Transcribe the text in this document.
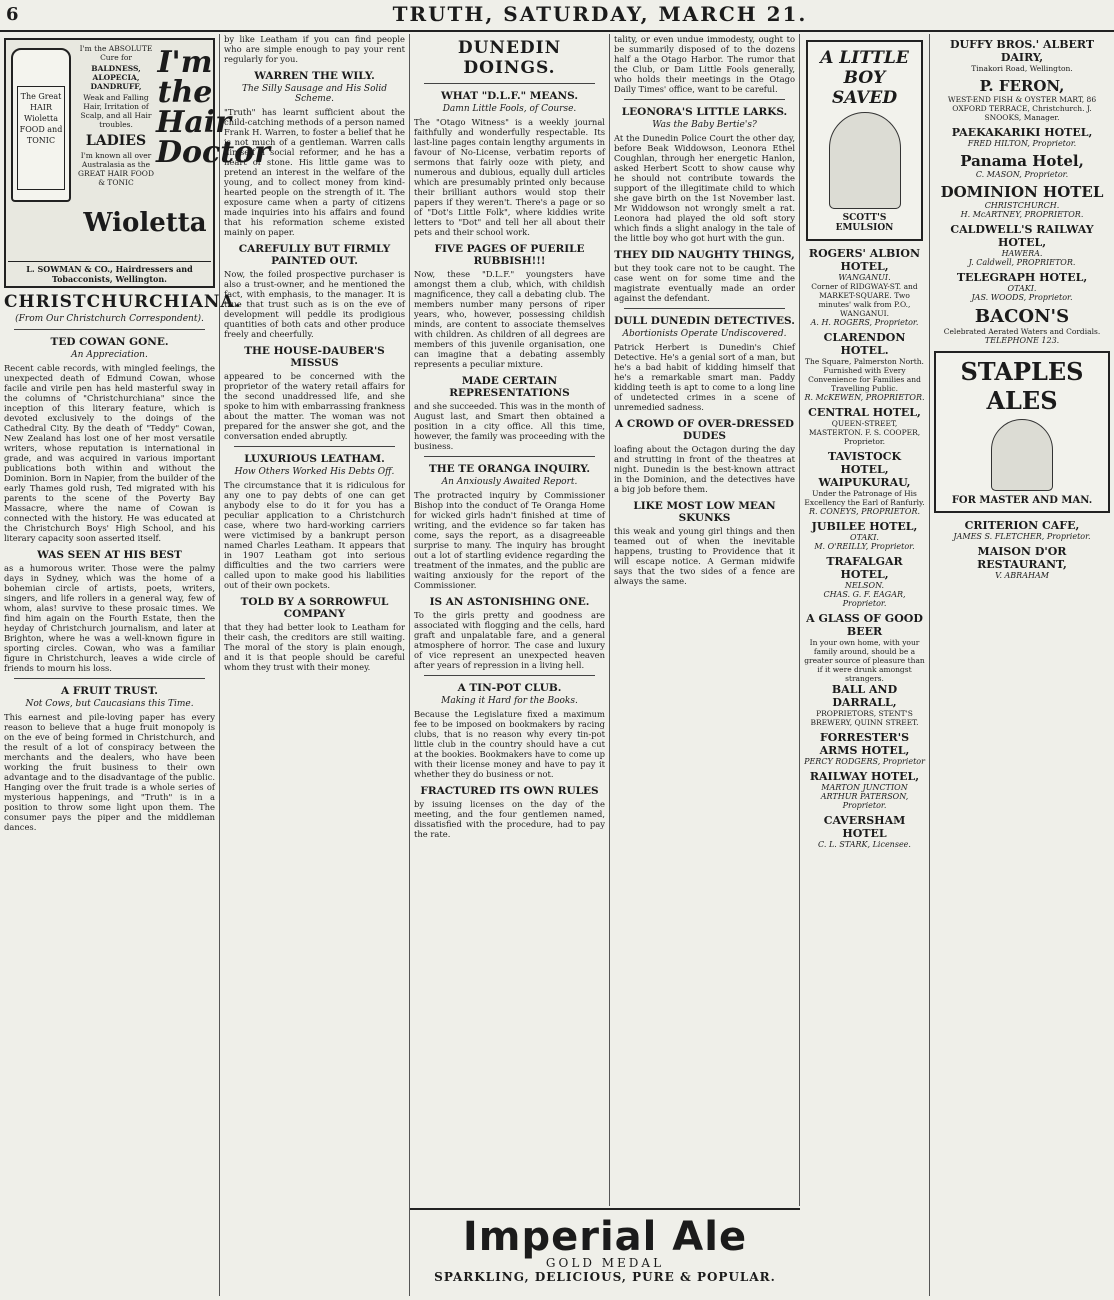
6	TRUTH, SATURDAY, MARCH 21.
The Great HAIR Wioletta FOOD and TONIC
I'm the ABSOLUTE Cure for
BALDNESS, ALOPECIA, DANDRUFF,
Weak and Falling Hair, Irritation of Scalp, and all Hair troubles.
LADIES
I'm known all over Australasia as the GREAT HAIR FOOD & TONIC
I'm the Hair Doctor
Wioletta
L. SOWMAN & CO., Hairdressers and Tobacconists, Wellington.
CHRISTCHURCHIANA.
(From Our Christchurch Correspondent).
TED COWAN GONE.
An Appreciation.

Recent cable records, with mingled feelings, the unexpected death of Edmund Cowan, whose facile and virile pen has held masterful sway in the columns of "Christchurchiana" since the inception of this literary feature, which is devoted exclusively to the doings of the Cathedral City. By the death of "Teddy" Cowan, New Zealand has lost one of her most versatile writers, whose reputation is international in grade, and was acquired in various important publications both within and without the Dominion. Born in Napier, from the builder of the early Thames gold rush, Ted migrated with his parents to the scene of the Poverty Bay Massacre, where the name of Cowan is connected with the history. He was educated at the Christchurch Boys' High School, and his literary capacity soon asserted itself.

WAS SEEN AT HIS BEST

as a humorous writer. Those were the palmy days in Sydney, which was the home of a bohemian circle of artists, poets, writers, singers, and life rollers in a general way, few of whom, alas! survive to these prosaic times. We find him again on the Fourth Estate, then the heyday of Christchurch journalism, and later at Brighton, where he was a well-known figure in sporting circles. Cowan, who was a familiar figure in Christchurch, leaves a wide circle of friends to mourn his loss.

A FRUIT TRUST.
Not Cows, but Caucasians this Time.

This earnest and pile-loving paper has every reason to believe that a huge fruit monopoly is on the eve of being formed in Christchurch, and the result of a lot of conspiracy between the merchants and the dealers, who have been working the fruit business to their own advantage and to the disadvantage of the public. Hanging over the fruit trade is a whole series of mysterious happenings, and "Truth" is in a position to throw some light upon them. The consumer pays the piper and the middleman dances.

by like Leatham if you can find people who are simple enough to pay your rent regularly for you.

WARREN THE WILY.
The Silly Sausage and His Solid Scheme.

"Truth" has learnt sufficient about the child-catching methods of a person named Frank H. Warren, to foster a belief that he is not much of a gentleman. Warren calls himself a social reformer, and he has a heart of stone. His little game was to pretend an interest in the welfare of the young, and to collect money from kind-hearted people on the strength of it. The exposure came when a party of citizens made inquiries into his affairs and found that his reformation scheme existed mainly on paper.

CAREFULLY BUT FIRMLY PAINTED OUT.

Now, the foiled prospective purchaser is also a trust-owner, and he mentioned the fact, with emphasis, to the manager. It is true that trust such as is on the eve of development will peddle its prodigious quantities of both cats and other produce freely and cheerfully.

THE HOUSE-DAUBER'S MISSUS

appeared to be concerned with the proprietor of the watery retail affairs for the second unaddressed life, and she spoke to him with embarrassing frankness about the matter. The woman was not prepared for the answer she got, and the conversation ended abruptly.

LUXURIOUS LEATHAM.
How Others Worked His Debts Off.

The circumstance that it is ridiculous for any one to pay debts of one can get anybody else to do it for you has a peculiar application to a Christchurch case, where two hard-working carriers were victimised by a bankrupt person named Charles Leatham. It appears that in 1907 Leatham got into serious difficulties and the two carriers were called upon to make good his liabilities out of their own pockets.

TOLD BY A SORROWFUL COMPANY

that they had better look to Leatham for their cash, the creditors are still waiting. The moral of the story is plain enough, and it is that people should be careful whom they trust with their money.

DUNEDIN DOINGS.
WHAT "D.L.F." MEANS.
Damn Little Fools, of Course.

The "Otago Witness" is a weekly journal faithfully and wonderfully respectable. Its last-line pages contain lengthy arguments in favour of No-License, verbatim reports of sermons that fairly ooze with piety, and numerous and dubious, equally dull articles which are presumably printed only because their brilliant authors would stop their papers if they weren't. There's a page or so of "Dot's Little Folk", where kiddies write letters to "Dot" and tell her all about their pets and their school work.

FIVE PAGES OF PUERILE RUBBISH!!!

Now, these "D.L.F." youngsters have amongst them a club, which, with childish magnificence, they call a debating club. The members number many persons of riper years, who, however, possessing childish minds, are content to associate themselves with children. As children of all degrees are members of this juvenile organisation, one can imagine that a debating assembly represents a peculiar mixture.

MADE CERTAIN REPRESENTATIONS

and she succeeded. This was in the month of August last, and Smart then obtained a position in a city office. All this time, however, the family was proceeding with the business.

THE TE ORANGA INQUIRY.
An Anxiously Awaited Report.

The protracted inquiry by Commissioner Bishop into the conduct of Te Oranga Home for wicked girls hadn't finished at time of writing, and the evidence so far taken has come, says the report, as a disagreeable surprise to many. The inquiry has brought out a lot of startling evidence regarding the treatment of the inmates, and the public are waiting anxiously for the report of the Commissioner.

IS AN ASTONISHING ONE.

To the girls pretty and goodness are associated with flogging and the cells, hard graft and unpalatable fare, and a general atmosphere of horror. The case and luxury of vice represent an unexpected heaven after years of repression in a living hell.

A TIN-POT CLUB.
Making it Hard for the Books.

Because the Legislature fixed a maximum fee to be imposed on bookmakers by racing clubs, that is no reason why every tin-pot little club in the country should have a cut at the bookies. Bookmakers have to come up with their license money and have to pay it whether they do business or not.

FRACTURED ITS OWN RULES

by issuing licenses on the day of the meeting, and the four gentlemen named, dissatisfied with the procedure, had to pay the rate.

tality, or even undue immodesty, ought to be summarily disposed of to the dozens half a the Otago Harbor. The rumor that the Club, or Dam Little Fools generally, who holds their meetings in the Otago Daily Times' office, want to be careful.

LEONORA'S LITTLE LARKS.
Was the Baby Bertie's?

At the Dunedin Police Court the other day, before Beak Widdowson, Leonora Ethel Coughlan, through her energetic Hanlon, asked Herbert Scott to show cause why he should not contribute towards the support of the illegitimate child to which she gave birth on the 1st November last. Mr Widdowson not wrongly smelt a rat. Leonora had played the old soft story which finds a slight analogy in the tale of the little boy who got hurt with the gun.

THEY DID NAUGHTY THINGS,

but they took care not to be caught. The case went on for some time and the magistrate eventually made an order against the defendant.

DULL DUNEDIN DETECTIVES.
Abortionists Operate Undiscovered.

Patrick Herbert is Dunedin's Chief Detective. He's a genial sort of a man, but he's a bad habit of kidding himself that he's a remarkable smart man. Paddy kidding teeth is apt to come to a long line of undetected crimes in a scene of unremedied sadness.

A CROWD OF OVER-DRESSED DUDES

loafing about the Octagon during the day and strutting in front of the theatres at night. Dunedin is the best-known attract in the Dominion, and the detectives have a big job before them.

LIKE MOST LOW MEAN SKUNKS

this weak and young girl things and then teamed out of when the inevitable happens, trusting to Providence that it will escape notice. A German midwife says that the two sides of a fence are always the same.

Imperial Ale
GOLD MEDAL
SPARKLING, DELICIOUS, PURE & POPULAR.
A LITTLE BOY SAVED
SCOTT'S EMULSION
ROGERS' ALBION HOTEL,
WANGANUI.
Corner of RIDGWAY-ST. and MARKET-SQUARE. Two minutes' walk from P.O., WANGANUI.
A. H. ROGERS, Proprietor.
CLARENDON HOTEL.
The Square, Palmerston North. Furnished with Every Convenience for Families and Travelling Public.
R. McKEWEN, PROPRIETOR.
CENTRAL HOTEL,
QUEEN-STREET, MASTERTON. F. S. COOPER, Proprietor.
TAVISTOCK HOTEL, WAIPUKURAU,
Under the Patronage of His Excellency the Earl of Ranfurly.
R. CONEYS, PROPRIETOR.
JUBILEE HOTEL,
OTAKI.
M. O'REILLY, Proprietor.
TRAFALGAR HOTEL,
NELSON.
CHAS. G. F. EAGAR, Proprietor.
A GLASS OF GOOD BEER
In your own home, with your family around, should be a greater source of pleasure than if it were drunk amongst strangers.
BALL AND DARRALL,
PROPRIETORS, STENT'S BREWERY, QUINN STREET.
FORRESTER'S ARMS HOTEL,
PERCY RODGERS, Proprietor
RAILWAY HOTEL,
MARTON JUNCTION
ARTHUR PATERSON, Proprietor.
CAVERSHAM HOTEL
C. L. STARK, Licensee.
DUFFY BROS.' ALBERT DAIRY,
Tinakori Road, Wellington.
P. FERON,
WEST-END FISH & OYSTER MART, 86 OXFORD TERRACE, Christchurch. J. SNOOKS, Manager.
PAEKAKARIKI HOTEL,
FRED HILTON, Proprietor.
Panama Hotel,
C. MASON, Proprietor.
DOMINION HOTEL
CHRISTCHURCH.
H. McARTNEY, PROPRIETOR.
CALDWELL'S RAILWAY HOTEL,
HAWERA.
J. Caldwell, PROPRIETOR.
TELEGRAPH HOTEL,
OTAKI.
JAS. WOODS, Proprietor.
BACON'S
Celebrated Aerated Waters and Cordials.
TELEPHONE 123.
STAPLES ALES
FOR MASTER AND MAN.
CRITERION CAFE,
JAMES S. FLETCHER, Proprietor.
MAISON D'OR RESTAURANT,
V. ABRAHAM
